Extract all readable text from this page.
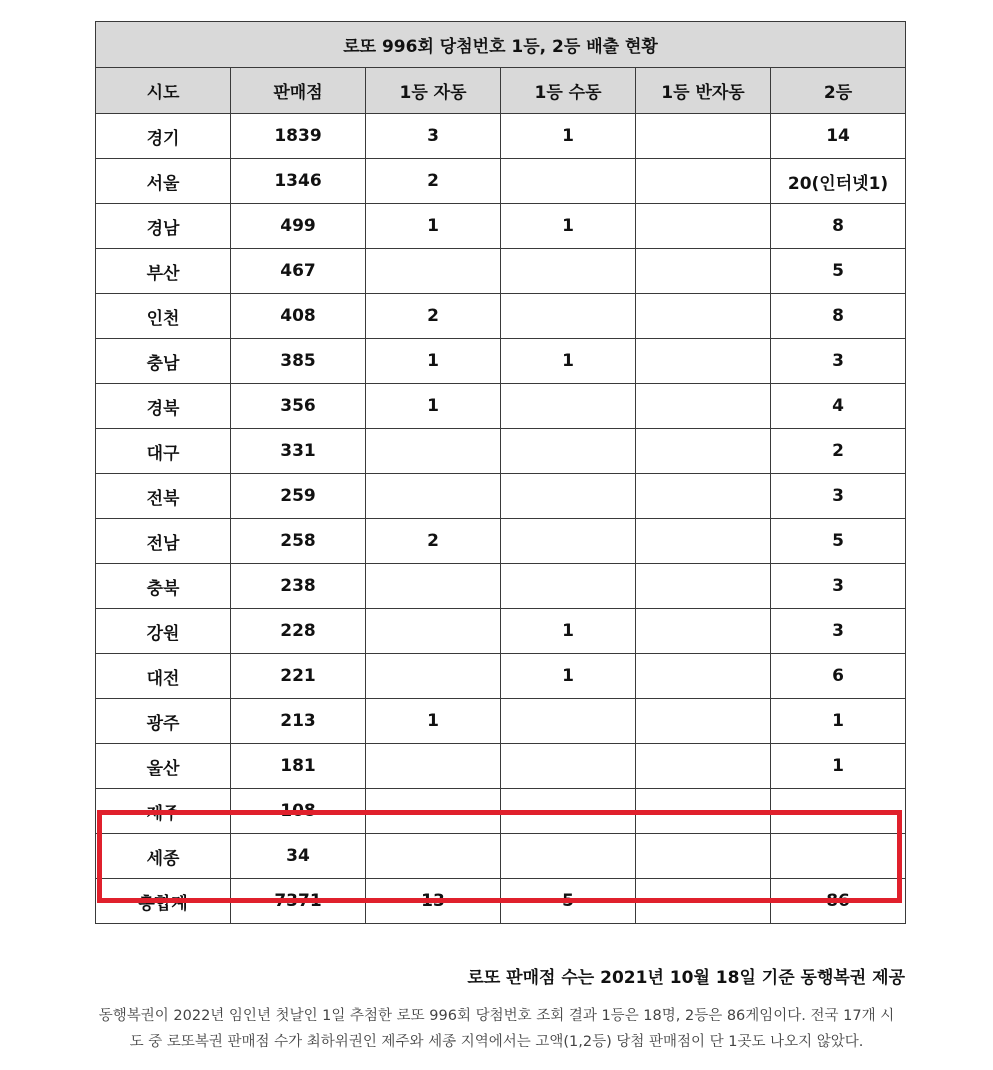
로또 996회 당첨번호 1등, 2등 배출 현황					
시도	판매점	1등 자동	1등 수동	1등 반자동	2등
경기	1839	3	1		14
서울	1346	2			20(인터넷1)
경남	499	1	1		8
부산	467				5
인천	408	2			8
충남	385	1	1		3
경북	356	1			4
대구	331				2
전북	259				3
전남	258	2			5
충북	238				3
강원	228		1		3
대전	221		1		6
광주	213	1			1
울산	181				1
제주	108				
세종	34				
총합계	7371	13	5		86
로또 판매점 수는 2021년 10월 18일 기준 동행복권 제공
동행복권이 2022년 임인년 첫날인 1일 추첨한 로또 996회 당첨번호 조회 결과 1등은 18명, 2등은 86게임이다. 전국 17개 시
도 중 로또복권 판매점 수가 최하위권인 제주와 세종 지역에서는 고액(1,2등) 당첨 판매점이 단 1곳도 나오지 않았다.
